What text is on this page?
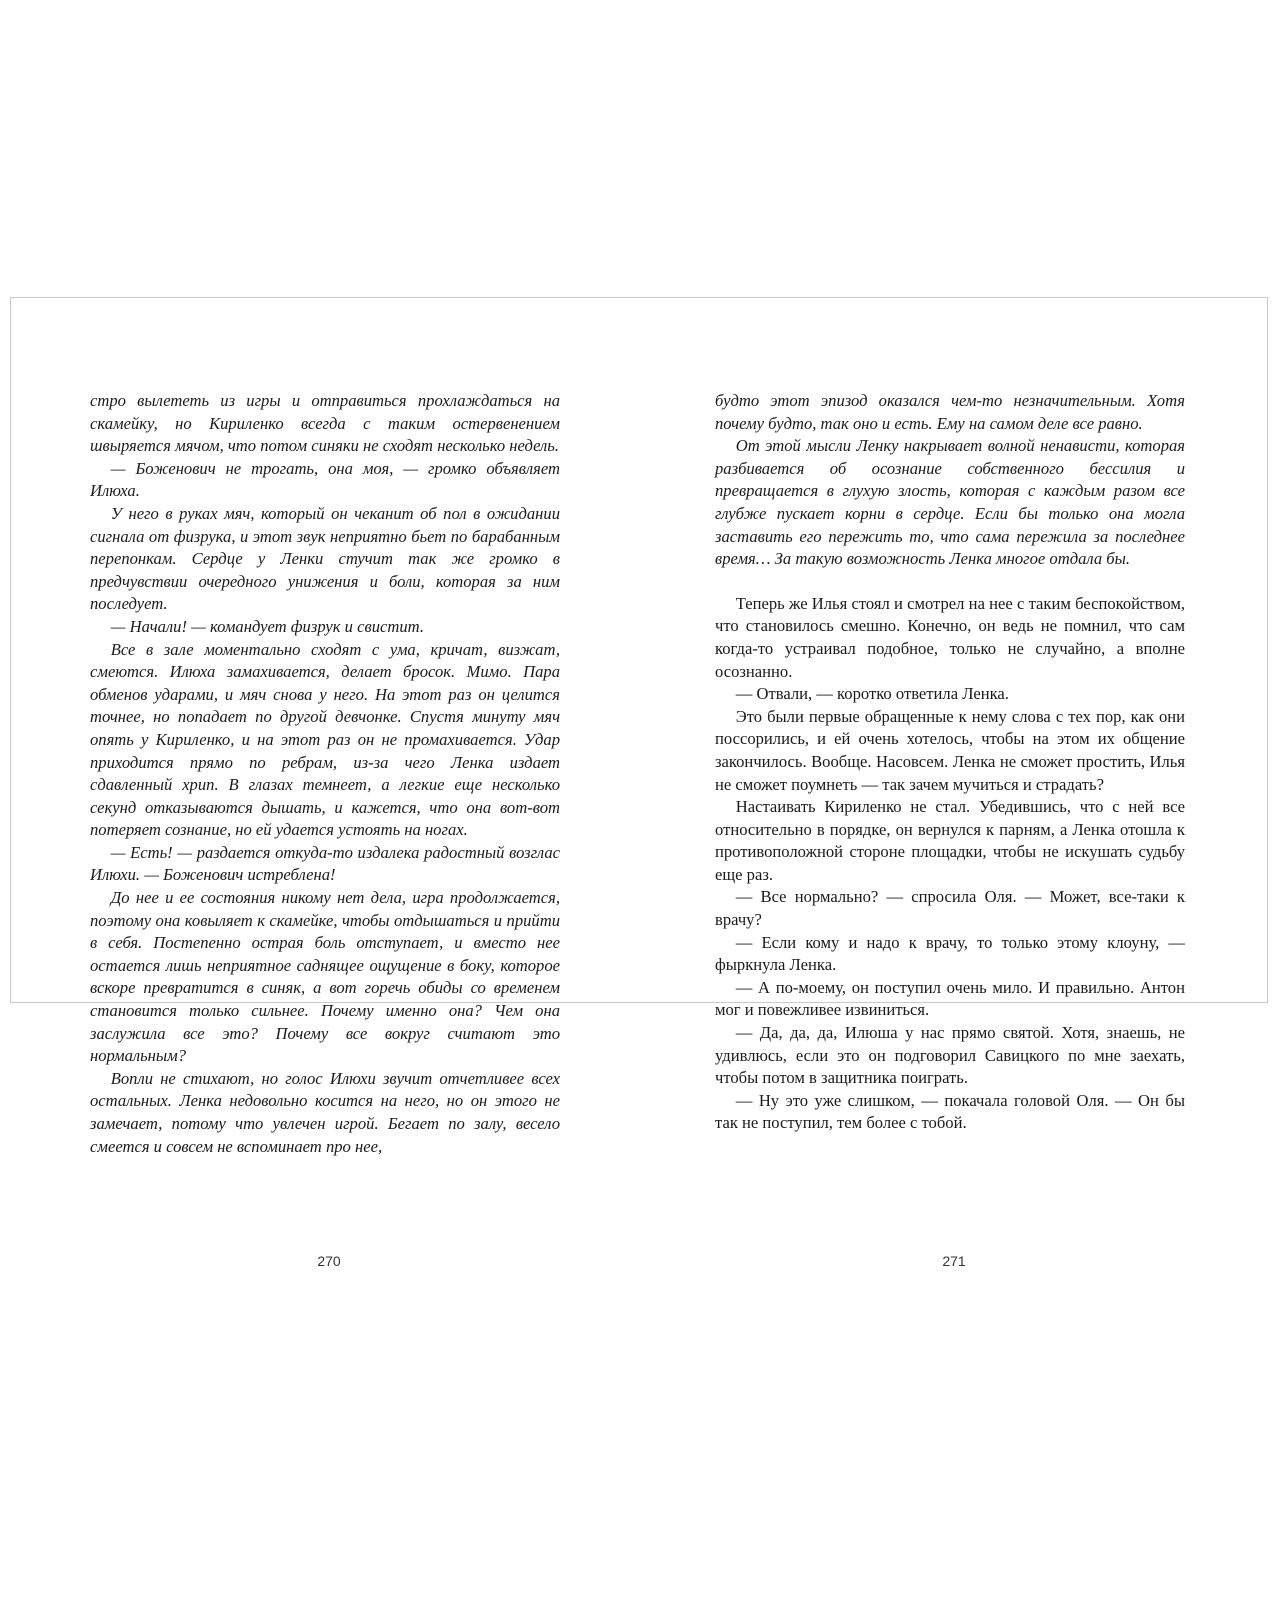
стро вылететь из игры и отправиться прохлаждаться на скамейку, но Кириленко всегда с таким остервенением швыряется мячом, что потом синяки не сходят несколько недель.

— Боженович не трогать, она моя, — громко объявляет Илюха.

У него в руках мяч, который он чеканит об пол в ожидании сигнала от физрука, и этот звук неприятно бьет по барабанным перепонкам. Сердце у Ленки стучит так же громко в предчувствии очередного унижения и боли, которая за ним последует.

— Начали! — командует физрук и свистит.

Все в зале моментально сходят с ума, кричат, визжат, смеются. Илюха замахивается, делает бросок. Мимо. Пара обменов ударами, и мяч снова у него. На этот раз он целится точнее, но попадает по другой девчонке. Спустя минуту мяч опять у Кириленко, и на этот раз он не промахивается. Удар приходится прямо по ребрам, из-за чего Ленка издает сдавленный хрип. В глазах темнеет, а легкие еще несколько секунд отказываются дышать, и кажется, что она вот-вот потеряет сознание, но ей удается устоять на ногах.

— Есть! — раздается откуда-то издалека радостный возглас Илюхи. — Боженович истреблена!

До нее и ее состояния никому нет дела, игра продолжается, поэтому она ковыляет к скамейке, чтобы отдышаться и прийти в себя. Постепенно острая боль отступает, и вместо нее остается лишь неприятное саднящее ощущение в боку, которое вскоре превратится в синяк, а вот горечь обиды со временем становится только сильнее. Почему именно она? Чем она заслужила все это? Почему все вокруг считают это нормальным?

Вопли не стихают, но голос Илюхи звучит отчетливее всех остальных. Ленка недовольно косится на него, но он этого не замечает, потому что увлечен игрой. Бегает по залу, весело смеется и совсем не вспоминает про нее,

будто этот эпизод оказался чем-то незначительным. Хотя почему будто, так оно и есть. Ему на самом деле все равно.

От этой мысли Ленку накрывает волной ненависти, которая разбивается об осознание собственного бессилия и превращается в глухую злость, которая с каждым разом все глубже пускает корни в сердце. Если бы только она могла заставить его пережить то, что сама пережила за последнее время… За такую возможность Ленка многое отдала бы.

Теперь же Илья стоял и смотрел на нее с таким беспокойством, что становилось смешно. Конечно, он ведь не помнил, что сам когда-то устраивал подобное, только не случайно, а вполне осознанно.

— Отвали, — коротко ответила Ленка.

Это были первые обращенные к нему слова с тех пор, как они поссорились, и ей очень хотелось, чтобы на этом их общение закончилось. Вообще. Насовсем. Ленка не сможет простить, Илья не сможет поумнеть — так зачем мучиться и страдать?

Настаивать Кириленко не стал. Убедившись, что с ней все относительно в порядке, он вернулся к парням, а Ленка отошла к противоположной стороне площадки, чтобы не искушать судьбу еще раз.

— Все нормально? — спросила Оля. — Может, все-таки к врачу?

— Если кому и надо к врачу, то только этому клоуну, — фыркнула Ленка.

— А по-моему, он поступил очень мило. И правильно. Антон мог и повежливее извиниться.

— Да, да, да, Илюша у нас прямо святой. Хотя, знаешь, не удивлюсь, если это он подговорил Савицкого по мне заехать, чтобы потом в защитника поиграть.

— Ну это уже слишком, — покачала головой Оля. — Он бы так не поступил, тем более с тобой.

270	271
